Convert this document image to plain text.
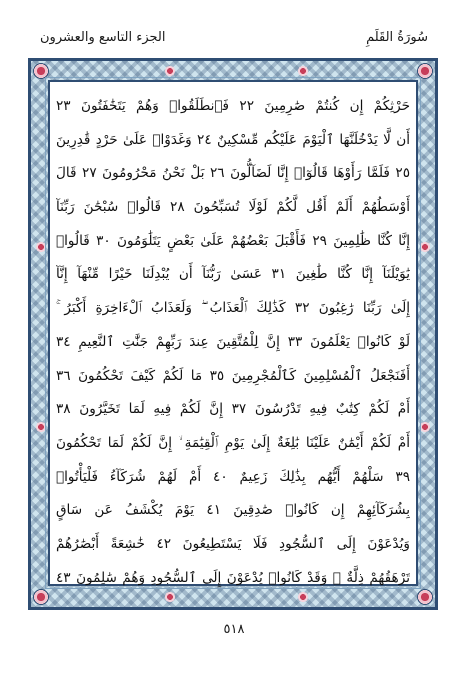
سُورَةُ القَلَمِ
الجزء التاسع والعشرون
حَرْثِكُمْ إِن كُنتُمْ صَٰرِمِينَ ٢٢ فَٱنطَلَقُوا۟ وَهُمْ يَتَخَٰفَتُونَ ٢٣
أَن لَّا يَدْخُلَنَّهَا ٱلْيَوْمَ عَلَيْكُم مِّسْكِينٌ ٢٤ وَغَدَوْا۟ عَلَىٰ حَرْدٍ قَٰدِرِينَ
٢٥ فَلَمَّا رَأَوْهَا قَالُوٓا۟ إِنَّا لَضَآلُّونَ ٢٦ بَلْ نَحْنُ مَحْرُومُونَ ٢٧ قَالَ
أَوْسَطُهُمْ أَلَمْ أَقُل لَّكُمْ لَوْلَا تُسَبِّحُونَ ٢٨ قَالُوا۟ سُبْحَٰنَ رَبِّنَآ
إِنَّا كُنَّا ظَٰلِمِينَ ٢٩ فَأَقْبَلَ بَعْضُهُمْ عَلَىٰ بَعْضٍ يَتَلَٰوَمُونَ ٣٠ قَالُوا۟
يَٰوَيْلَنَآ إِنَّا كُنَّا طَٰغِينَ ٣١ عَسَىٰ رَبُّنَآ أَن يُبْدِلَنَا خَيْرًا مِّنْهَآ إِنَّآ
إِلَىٰ رَبِّنَا رَٰغِبُونَ ٣٢ كَذَٰلِكَ ٱلْعَذَابُ ۖ وَلَعَذَابُ ٱلْءَاخِرَةِ أَكْبَرُ ۚ
لَوْ كَانُوا۟ يَعْلَمُونَ ٣٣ إِنَّ لِلْمُتَّقِينَ عِندَ رَبِّهِمْ جَنَّٰتِ ٱلنَّعِيمِ ٣٤
أَفَنَجْعَلُ ٱلْمُسْلِمِينَ كَٱلْمُجْرِمِينَ ٣٥ مَا لَكُمْ كَيْفَ تَحْكُمُونَ ٣٦
أَمْ لَكُمْ كِتَٰبٌ فِيهِ تَدْرُسُونَ ٣٧ إِنَّ لَكُمْ فِيهِ لَمَا تَخَيَّرُونَ ٣٨
أَمْ لَكُمْ أَيْمَٰنٌ عَلَيْنَا بَٰلِغَةٌ إِلَىٰ يَوْمِ ٱلْقِيَٰمَةِ ۙ إِنَّ لَكُمْ لَمَا تَحْكُمُونَ
٣٩ سَلْهُمْ أَيُّهُم بِذَٰلِكَ زَعِيمٌ ٤٠ أَمْ لَهُمْ شُرَكَآءُ فَلْيَأْتُوا۟
بِشُرَكَآئِهِمْ إِن كَانُوا۟ صَٰدِقِينَ ٤١ يَوْمَ يُكْشَفُ عَن سَاقٍ
وَيُدْعَوْنَ إِلَى ٱلسُّجُودِ فَلَا يَسْتَطِيعُونَ ٤٢ خَٰشِعَةً أَبْصَٰرُهُمْ
تَرْهَقُهُمْ ذِلَّةٌ ۖ وَقَدْ كَانُوا۟ يُدْعَوْنَ إِلَى ٱلسُّجُودِ وَهُمْ سَٰلِمُونَ ٤٣
٥١٨
